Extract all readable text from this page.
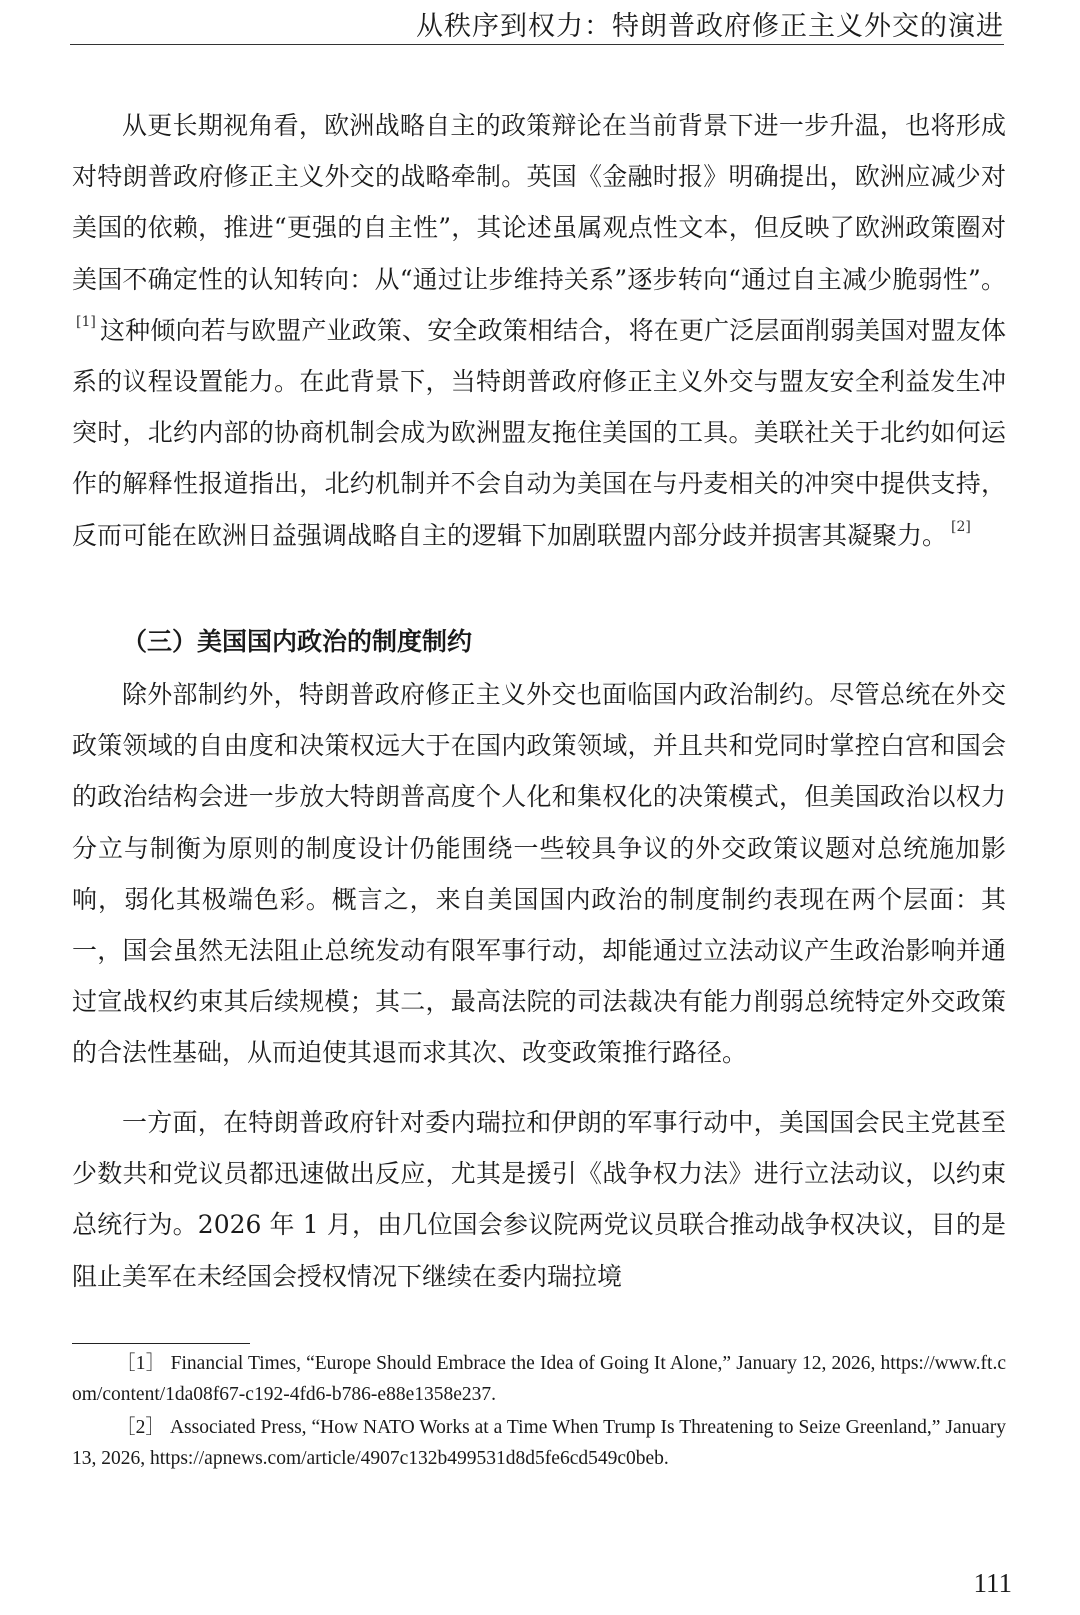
从秩序到权力：特朗普政府修正主义外交的演进

从更长期视角看，欧洲战略自主的政策辩论在当前背景下进一步升温，也将形成对特朗普政府修正主义外交的战略牵制。英国《金融时报》明确提出，欧洲应减少对美国的依赖，推进“更强的自主性”，其论述虽属观点性文本，但反映了欧洲政策圈对美国不确定性的认知转向：从“通过让步维持关系”逐步转向“通过自主减少脆弱性”。[1] 这种倾向若与欧盟产业政策、安全政策相结合，将在更广泛层面削弱美国对盟友体系的议程设置能力。在此背景下，当特朗普政府修正主义外交与盟友安全利益发生冲突时，北约内部的协商机制会成为欧洲盟友拖住美国的工具。美联社关于北约如何运作的解释性报道指出，北约机制并不会自动为美国在与丹麦相关的冲突中提供支持，反而可能在欧洲日益强调战略自主的逻辑下加剧联盟内部分歧并损害其凝聚力。 [2]

（三）美国国内政治的制度制约

除外部制约外，特朗普政府修正主义外交也面临国内政治制约。尽管总统在外交政策领域的自由度和决策权远大于在国内政策领域，并且共和党同时掌控白宫和国会的政治结构会进一步放大特朗普高度个人化和集权化的决策模式，但美国政治以权力分立与制衡为原则的制度设计仍能围绕一些较具争议的外交政策议题对总统施加影响，弱化其极端色彩。概言之，来自美国国内政治的制度制约表现在两个层面：其一，国会虽然无法阻止总统发动有限军事行动，却能通过立法动议产生政治影响并通过宣战权约束其后续规模；其二，最高法院的司法裁决有能力削弱总统特定外交政策的合法性基础，从而迫使其退而求其次、改变政策推行路径。

一方面，在特朗普政府针对委内瑞拉和伊朗的军事行动中，美国国会民主党甚至少数共和党议员都迅速做出反应，尤其是援引《战争权力法》进行立法动议，以约束总统行为。2026 年 1 月，由几位国会参议院两党议员联合推动战争权决议，目的是阻止美军在未经国会授权情况下继续在委内瑞拉境

［1］ Financial Times, “Europe Should Embrace the Idea of Going It Alone,” January 12, 2026, https://www.ft.com/content/1da08f67-c192-4fd6-b786-e88e1358e237.

［2］ Associated Press, “How NATO Works at a Time When Trump Is Threatening to Seize Greenland,” January 13, 2026, https://apnews.com/article/4907c132b499531d8d5fe6cd549c0beb.

111
